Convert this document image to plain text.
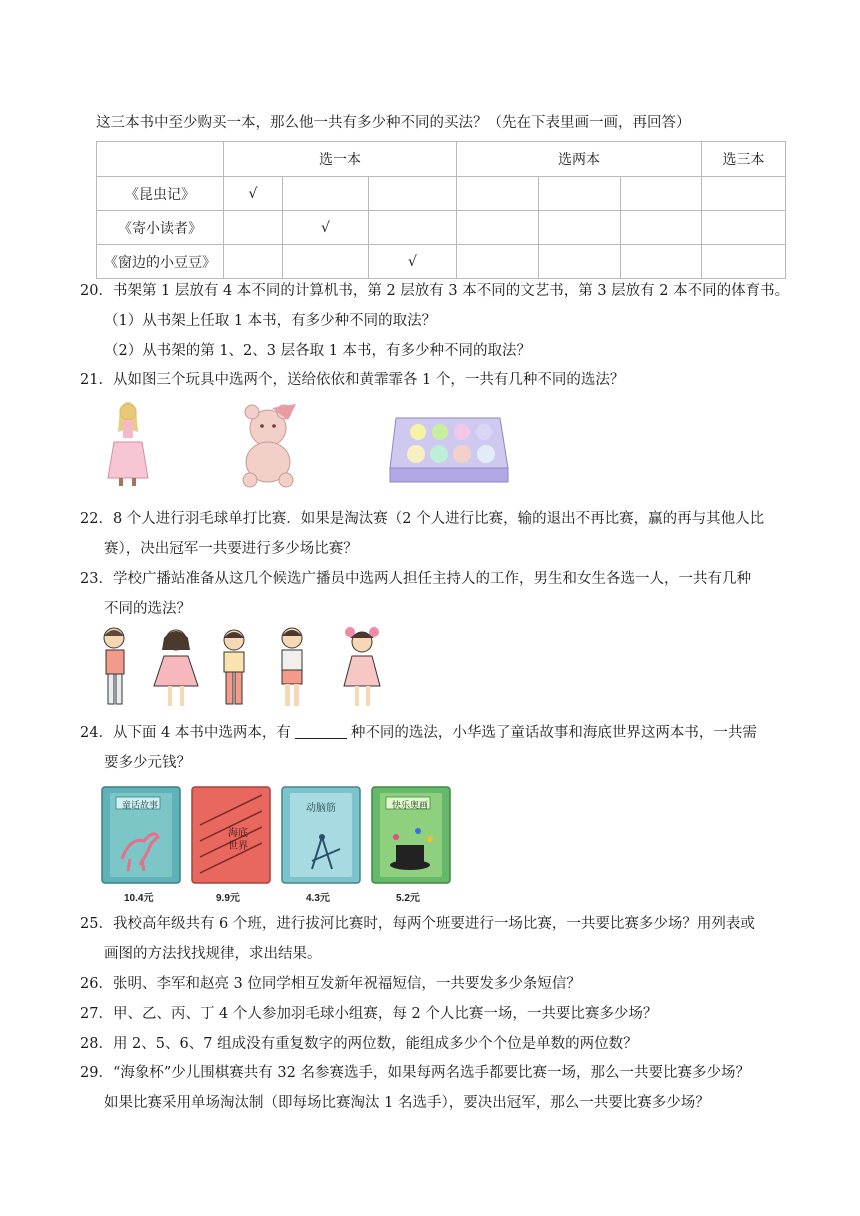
这三本书中至少购买一本，那么他一共有多少种不同的买法？（先在下表里画一画，再回答）
	选一本			选两本			选三本
《昆虫记》	√						
《寄小读者》		√					
《窗边的小豆豆》			√				
20．书架第 1 层放有 4 本不同的计算机书，第 2 层放有 3 本不同的文艺书，第 3 层放有 2 本不同的体育书。
（1）从书架上任取 1 本书，有多少种不同的取法？
（2）从书架的第 1、2、3 层各取 1 本书，有多少种不同的取法？
21．从如图三个玩具中选两个，送给依依和黄霏霏各 1 个，一共有几种不同的选法？
22．8 个人进行羽毛球单打比赛．如果是淘汰赛（2 个人进行比赛，输的退出不再比赛，赢的再与其他人比
赛），决出冠军一共要进行多少场比赛？
23．学校广播站准备从这几个候选广播员中选两人担任主持人的工作，男生和女生各选一人，一共有几种
不同的选法？
24．从下面 4 本书中选两本，有	种不同的选法，小华选了童话故事和海底世界这两本书，一共需
要多少元钱？
童话故事
海底
世界
动脑筋	快乐奥画
10.4元	9.9元	4.3元	5.2元
25．我校高年级共有 6 个班，进行拔河比赛时，每两个班要进行一场比赛，一共要比赛多少场？用列表或
画图的方法找找规律，求出结果。
26．张明、李军和赵亮 3 位同学相互发新年祝福短信，一共要发多少条短信？
27．甲、乙、丙、丁 4 个人参加羽毛球小组赛，每 2 个人比赛一场，一共要比赛多少场？
28．用 2、5、6、7 组成没有重复数字的两位数，能组成多少个个位是单数的两位数？
29．“海象杯”少儿围棋赛共有 32 名参赛选手，如果每两名选手都要比赛一场，那么一共要比赛多少场？
如果比赛采用单场淘汰制（即每场比赛淘汰 1 名选手），要决出冠军，那么一共要比赛多少场？
